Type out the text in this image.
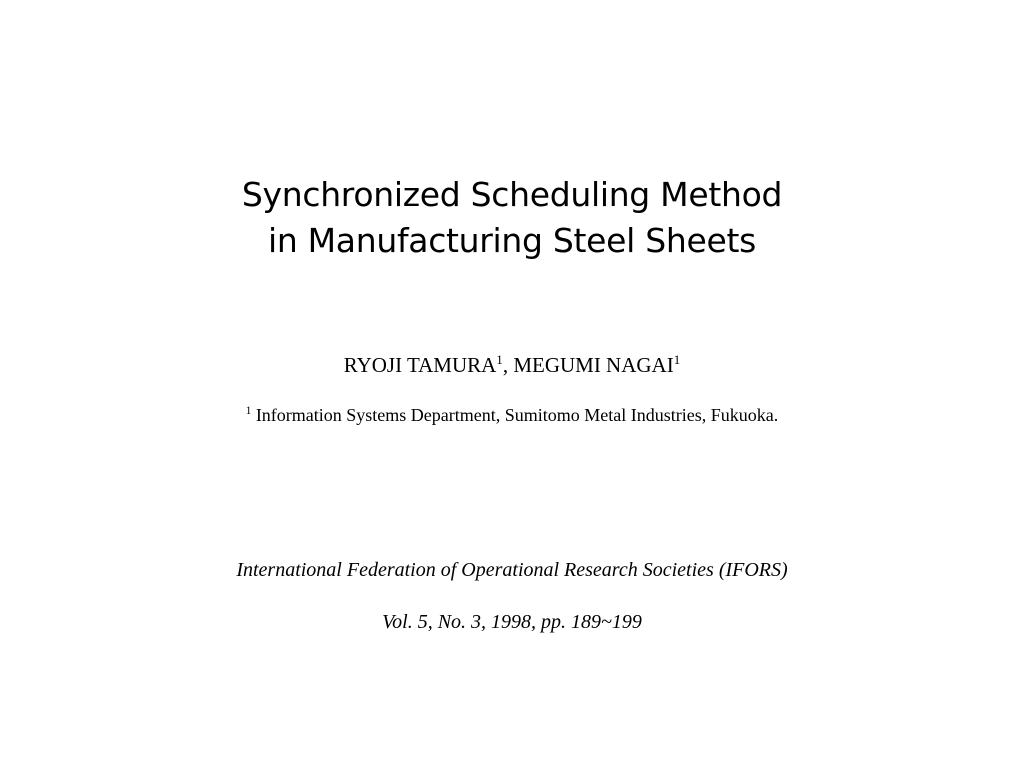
Synchronized Scheduling Method
in Manufacturing Steel Sheets
RYOJI TAMURA$^1$, MEGUMI NAGAI$^1$
$^1$ Information Systems Department, Sumitomo Metal Industries, Fukuoka.
International Federation of Operational Research Societies (IFORS)
Vol. 5, No. 3, 1998, pp. 189~199
